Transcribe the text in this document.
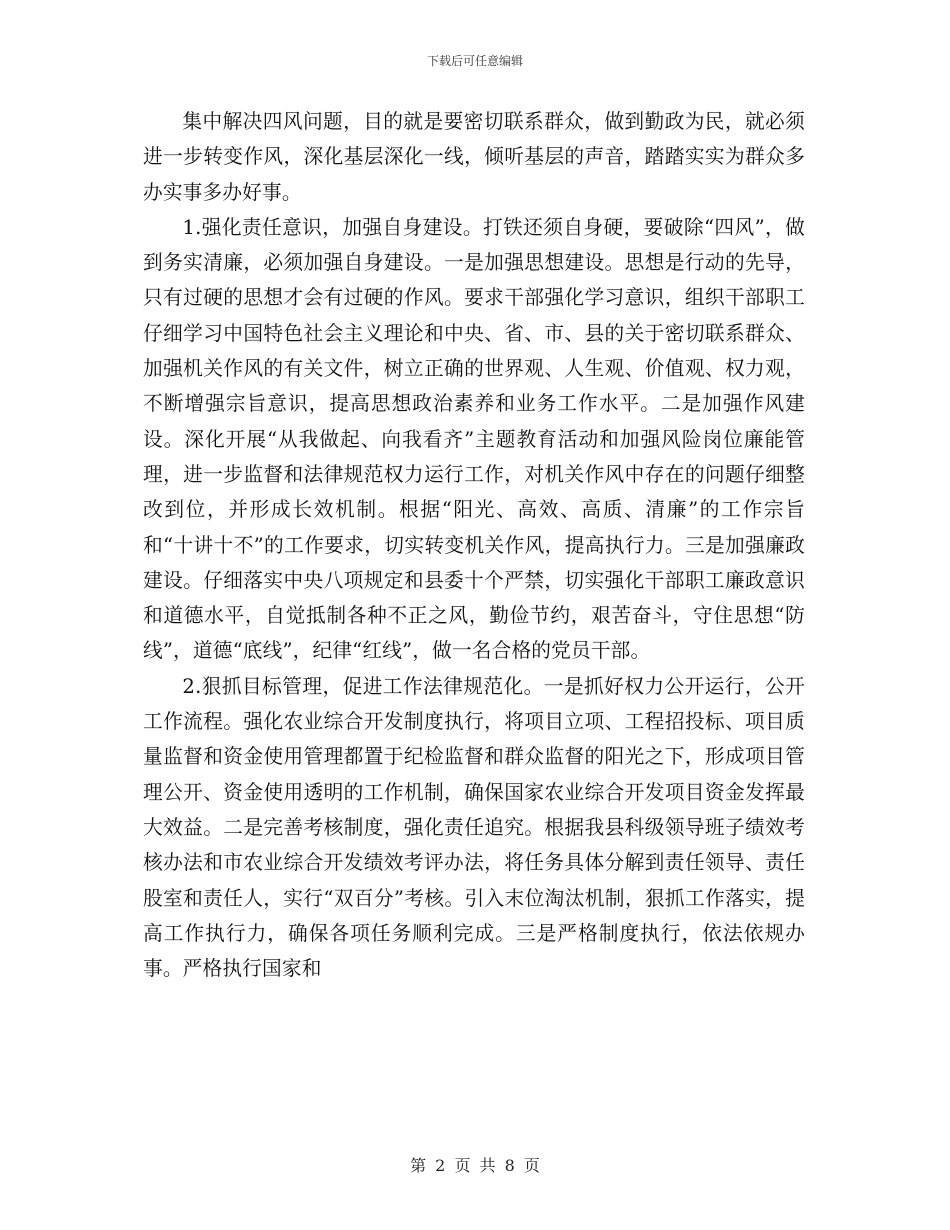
下载后可任意编辑

集中解决四风问题，目的就是要密切联系群众，做到勤政为民，就必须进一步转变作风，深化基层深化一线，倾听基层的声音，踏踏实实为群众多办实事多办好事。

1.强化责任意识，加强自身建设。打铁还须自身硬，要破除“四风”，做到务实清廉，必须加强自身建设。一是加强思想建设。思想是行动的先导，只有过硬的思想才会有过硬的作风。要求干部强化学习意识，组织干部职工仔细学习中国特色社会主义理论和中央、省、市、县的关于密切联系群众、加强机关作风的有关文件，树立正确的世界观、人生观、价值观、权力观，不断增强宗旨意识，提高思想政治素养和业务工作水平。二是加强作风建设。深化开展“从我做起、向我看齐”主题教育活动和加强风险岗位廉能管理，进一步监督和法律规范权力运行工作，对机关作风中存在的问题仔细整改到位，并形成长效机制。根据“阳光、高效、高质、清廉”的工作宗旨和“十讲十不”的工作要求，切实转变机关作风，提高执行力。三是加强廉政建设。仔细落实中央八项规定和县委十个严禁，切实强化干部职工廉政意识和道德水平，自觉抵制各种不正之风，勤俭节约，艰苦奋斗，守住思想“防线”，道德“底线”，纪律“红线”，做一名合格的党员干部。

2.狠抓目标管理，促进工作法律规范化。一是抓好权力公开运行，公开工作流程。强化农业综合开发制度执行，将项目立项、工程招投标、项目质量监督和资金使用管理都置于纪检监督和群众监督的阳光之下，形成项目管理公开、资金使用透明的工作机制，确保国家农业综合开发项目资金发挥最大效益。二是完善考核制度，强化责任追究。根据我县科级领导班子绩效考核办法和市农业综合开发绩效考评办法，将任务具体分解到责任领导、责任股室和责任人，实行“双百分”考核。引入末位淘汰机制，狠抓工作落实，提高工作执行力，确保各项任务顺利完成。三是严格制度执行，依法依规办事。严格执行国家和

第 2 页 共 8 页
